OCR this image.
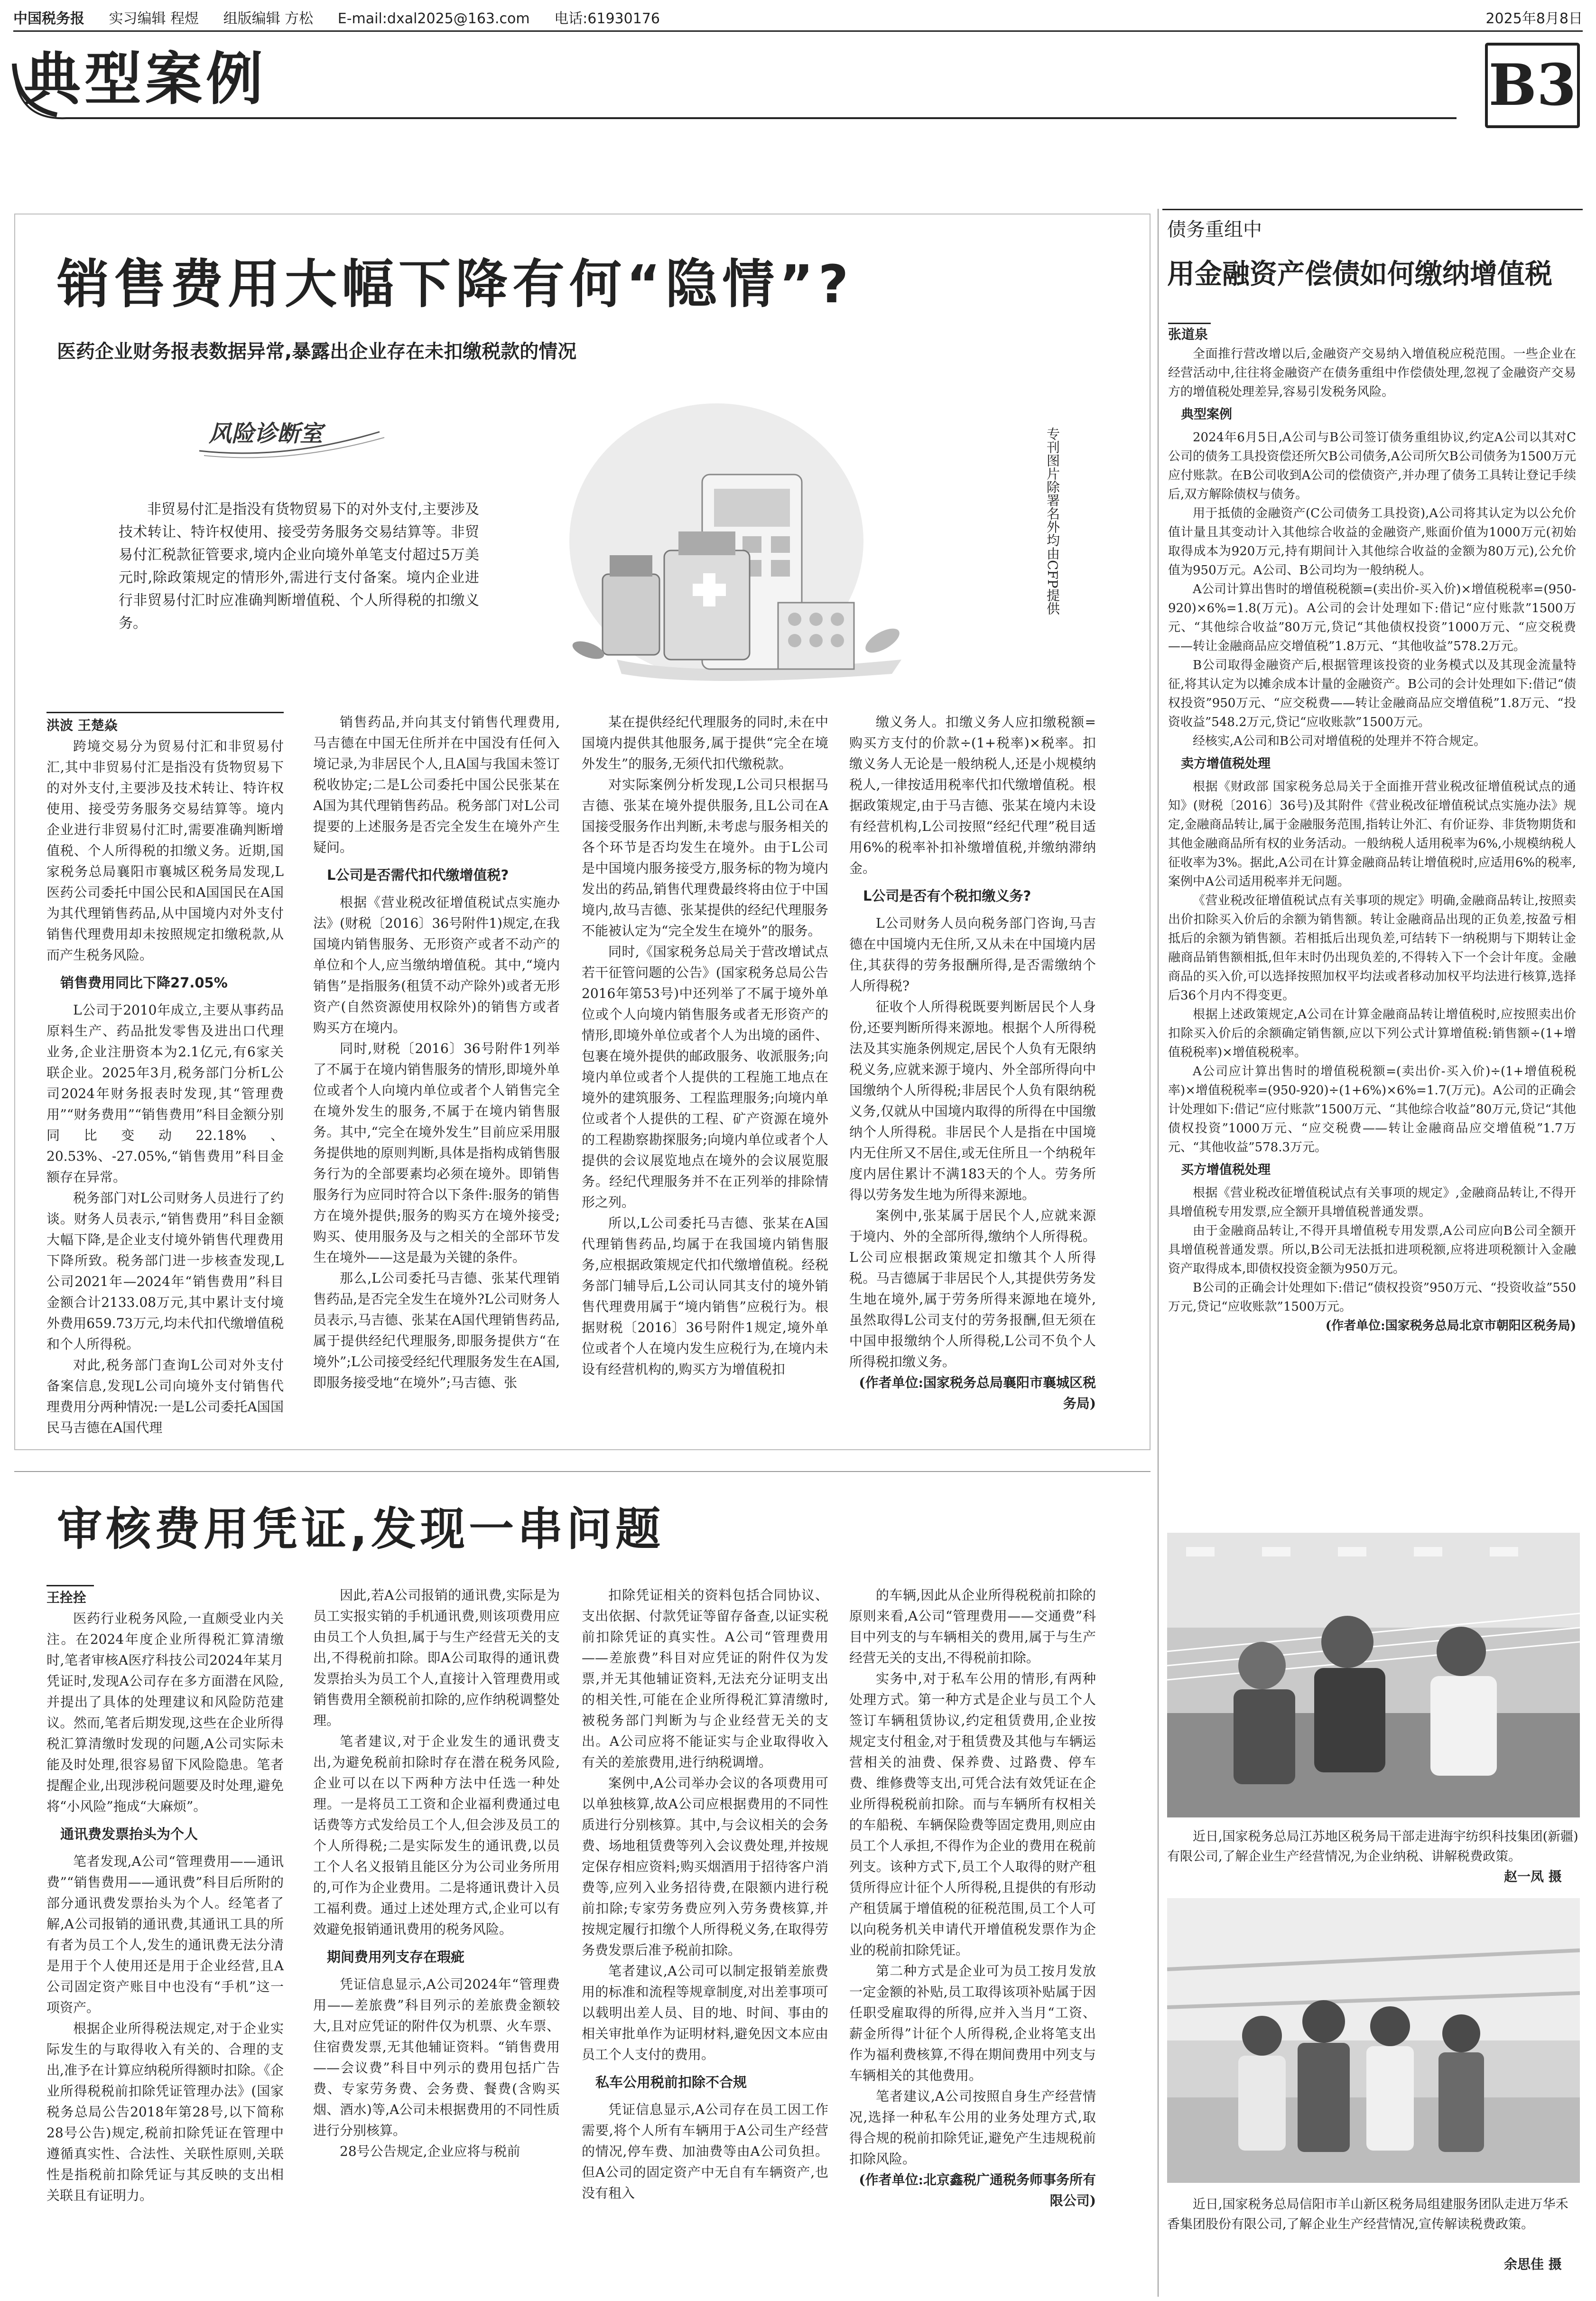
中国税务报 实习编辑 程煜 组版编辑 方松 E-mail:dxal2025@163.com 电话:61930176	2025年8月8日
典型案例	B3
销售费用大幅下降有何“隐情”?
医药企业财务报表数据异常,暴露出企业存在未扣缴税款的情况
风险诊断室
非贸易付汇是指没有货物贸易下的对外支付,主要涉及技术转让、特许权使用、接受劳务服务交易结算等。非贸易付汇税款征管要求,境内企业向境外单笔支付超过5万美元时,除政策规定的情形外,需进行支付备案。境内企业进行非贸易付汇时应准确判断增值税、个人所得税的扣缴义务。
专刊图片除署名外均由CFP提供
洪波 王楚焱

跨境交易分为贸易付汇和非贸易付汇,其中非贸易付汇是指没有货物贸易下的对外支付,主要涉及技术转让、特许权使用、接受劳务服务交易结算等。境内企业进行非贸易付汇时,需要准确判断增值税、个人所得税的扣缴义务。近期,国家税务总局襄阳市襄城区税务局发现,L医药公司委托中国公民和A国国民在A国为其代理销售药品,从中国境内对外支付销售代理费用却未按照规定扣缴税款,从而产生税务风险。

销售费用同比下降27.05%

L公司于2010年成立,主要从事药品原料生产、药品批发零售及进出口代理业务,企业注册资本为2.1亿元,有6家关联企业。2025年3月,税务部门分析L公司2024年财务报表时发现,其“管理费用”“财务费用”“销售费用”科目金额分别同比变动22.18%、20.53%、-27.05%,“销售费用”科目金额存在异常。

税务部门对L公司财务人员进行了约谈。财务人员表示,“销售费用”科目金额大幅下降,是企业支付境外销售代理费用下降所致。税务部门进一步核查发现,L公司2021年—2024年“销售费用”科目金额合计2133.08万元,其中累计支付境外费用659.73万元,均未代扣代缴增值税和个人所得税。

对此,税务部门查询L公司对外支付备案信息,发现L公司向境外支付销售代理费用分两种情况:一是L公司委托A国国民马吉德在A国代理

销售药品,并向其支付销售代理费用,马吉德在中国无住所并在中国没有任何入境记录,为非居民个人,且A国与我国未签订税收协定;二是L公司委托中国公民张某在A国为其代理销售药品。税务部门对L公司提要的上述服务是否完全发生在境外产生疑问。

L公司是否需代扣代缴增值税?

根据《营业税改征增值税试点实施办法》(财税〔2016〕36号附件1)规定,在我国境内销售服务、无形资产或者不动产的单位和个人,应当缴纳增值税。其中,“境内销售”是指服务(租赁不动产除外)或者无形资产(自然资源使用权除外)的销售方或者购买方在境内。

同时,财税〔2016〕36号附件1列举了不属于在境内销售服务的情形,即境外单位或者个人向境内单位或者个人销售完全在境外发生的服务,不属于在境内销售服务。其中,“完全在境外发生”目前应采用服务提供地的原则判断,具体是指构成销售服务行为的全部要素均必须在境外。即销售服务行为应同时符合以下条件:服务的销售方在境外提供;服务的购买方在境外接受;购买、使用服务及与之相关的全部环节发生在境外——这是最为关键的条件。

那么,L公司委托马吉德、张某代理销售药品,是否完全发生在境外?L公司财务人员表示,马吉德、张某在A国代理销售药品,属于提供经纪代理服务,即服务提供方“在境外”;L公司接受经纪代理服务发生在A国,即服务接受地“在境外”;马吉德、张

某在提供经纪代理服务的同时,未在中国境内提供其他服务,属于提供“完全在境外发生”的服务,无须代扣代缴税款。

对实际案例分析发现,L公司只根据马吉德、张某在境外提供服务,且L公司在A国接受服务作出判断,未考虑与服务相关的各个环节是否均发生在境外。由于L公司是中国境内服务接受方,服务标的物为境内发出的药品,销售代理费最终将由位于中国境内,故马吉德、张某提供的经纪代理服务不能被认定为“完全发生在境外”的服务。

同时,《国家税务总局关于营改增试点若干征管问题的公告》(国家税务总局公告2016年第53号)中还列举了不属于境外单位或个人向境内销售服务或者无形资产的情形,即境外单位或者个人为出境的函件、包裹在境外提供的邮政服务、收派服务;向境内单位或者个人提供的工程施工地点在境外的建筑服务、工程监理服务;向境内单位或者个人提供的工程、矿产资源在境外的工程勘察勘探服务;向境内单位或者个人提供的会议展览地点在境外的会议展览服务。经纪代理服务并不在正列举的排除情形之列。

所以,L公司委托马吉德、张某在A国代理销售药品,均属于在我国境内销售服务,应根据政策规定代扣代缴增值税。经税务部门辅导后,L公司认同其支付的境外销售代理费用属于“境内销售”应税行为。根据财税〔2016〕36号附件1规定,境外单位或者个人在境内发生应税行为,在境内未设有经营机构的,购买方为增值税扣

缴义务人。扣缴义务人应扣缴税额=购买方支付的价款÷(1+税率)×税率。扣缴义务人无论是一般纳税人,还是小规模纳税人,一律按适用税率代扣代缴增值税。根据政策规定,由于马吉德、张某在境内未设有经营机构,L公司按照“经纪代理”税目适用6%的税率补扣补缴增值税,并缴纳滞纳金。

L公司是否有个税扣缴义务?

L公司财务人员向税务部门咨询,马吉德在中国境内无住所,又从未在中国境内居住,其获得的劳务报酬所得,是否需缴纳个人所得税?

征收个人所得税既要判断居民个人身份,还要判断所得来源地。根据个人所得税法及其实施条例规定,居民个人负有无限纳税义务,应就来源于境内、外全部所得向中国缴纳个人所得税;非居民个人负有限纳税义务,仅就从中国境内取得的所得在中国缴纳个人所得税。非居民个人是指在中国境内无住所又不居住,或无住所且一个纳税年度内居住累计不满183天的个人。劳务所得以劳务发生地为所得来源地。

案例中,张某属于居民个人,应就来源于境内、外的全部所得,缴纳个人所得税。L公司应根据政策规定扣缴其个人所得税。马吉德属于非居民个人,其提供劳务发生地在境外,属于劳务所得来源地在境外,虽然取得L公司支付的劳务报酬,但无须在中国申报缴纳个人所得税,L公司不负个人所得税扣缴义务。

(作者单位:国家税务总局襄阳市襄城区税务局)
债务重组中
用金融资产偿债如何缴纳增值税
张道泉

全面推行营改增以后,金融资产交易纳入增值税应税范围。一些企业在经营活动中,往往将金融资产在债务重组中作偿债处理,忽视了金融资产交易方的增值税处理差异,容易引发税务风险。

典型案例

2024年6月5日,A公司与B公司签订债务重组协议,约定A公司以其对C公司的债务工具投资偿还所欠B公司债务,A公司所欠B公司债务为1500万元应付账款。在B公司收到A公司的偿债资产,并办理了债务工具转让登记手续后,双方解除债权与债务。

用于抵债的金融资产(C公司债务工具投资),A公司将其认定为以公允价值计量且其变动计入其他综合收益的金融资产,账面价值为1000万元(初始取得成本为920万元,持有期间计入其他综合收益的金额为80万元),公允价值为950万元。A公司、B公司均为一般纳税人。

A公司计算出售时的增值税税额=(卖出价-买入价)×增值税税率=(950-920)×6%=1.8(万元)。A公司的会计处理如下:借记“应付账款”1500万元、“其他综合收益”80万元,贷记“其他债权投资”1000万元、“应交税费——转让金融商品应交增值税”1.8万元、“其他收益”578.2万元。

B公司取得金融资产后,根据管理该投资的业务模式以及其现金流量特征,将其认定为以摊余成本计量的金融资产。B公司的会计处理如下:借记“债权投资”950万元、“应交税费——转让金融商品应交增值税”1.8万元、“投资收益”548.2万元,贷记“应收账款”1500万元。

经核实,A公司和B公司对增值税的处理并不符合规定。

卖方增值税处理

根据《财政部 国家税务总局关于全面推开营业税改征增值税试点的通知》(财税〔2016〕36号)及其附件《营业税改征增值税试点实施办法》规定,金融商品转让,属于金融服务范围,指转让外汇、有价证券、非货物期货和其他金融商品所有权的业务活动。一般纳税人适用税率为6%,小规模纳税人征收率为3%。据此,A公司在计算金融商品转让增值税时,应适用6%的税率,案例中A公司适用税率并无问题。

《营业税改征增值税试点有关事项的规定》明确,金融商品转让,按照卖出价扣除买入价后的余额为销售额。转让金融商品出现的正负差,按盈亏相抵后的余额为销售额。若相抵后出现负差,可结转下一纳税期与下期转让金融商品销售额相抵,但年末时仍出现负差的,不得转入下一个会计年度。金融商品的买入价,可以选择按照加权平均法或者移动加权平均法进行核算,选择后36个月内不得变更。

根据上述政策规定,A公司在计算金融商品转让增值税时,应按照卖出价扣除买入价后的余额确定销售额,应以下列公式计算增值税:销售额÷(1+增值税税率)×增值税税率。

A公司应计算出售时的增值税税额=(卖出价-买入价)÷(1+增值税税率)×增值税税率=(950-920)÷(1+6%)×6%=1.7(万元)。A公司的正确会计处理如下:借记“应付账款”1500万元、“其他综合收益”80万元,贷记“其他债权投资”1000万元、“应交税费——转让金融商品应交增值税”1.7万元、“其他收益”578.3万元。

买方增值税处理

根据《营业税改征增值税试点有关事项的规定》,金融商品转让,不得开具增值税专用发票,应全额开具增值税普通发票。

由于金融商品转让,不得开具增值税专用发票,A公司应向B公司全额开具增值税普通发票。所以,B公司无法抵扣进项税额,应将进项税额计入金融资产取得成本,即债权投资金额为950万元。

B公司的正确会计处理如下:借记“债权投资”950万元、“投资收益”550万元,贷记“应收账款”1500万元。

(作者单位:国家税务总局北京市朝阳区税务局)
审核费用凭证,发现一串问题
王拴拴

医药行业税务风险,一直颇受业内关注。在2024年度企业所得税汇算清缴时,笔者审核A医疗科技公司2024年某月凭证时,发现A公司存在多方面潜在风险,并提出了具体的处理建议和风险防范建议。然而,笔者后期发现,这些在企业所得税汇算清缴时发现的问题,A公司实际未能及时处理,很容易留下风险隐患。笔者提醒企业,出现涉税问题要及时处理,避免将“小风险”拖成“大麻烦”。

通讯费发票抬头为个人

笔者发现,A公司“管理费用——通讯费”“销售费用——通讯费”科目后所附的部分通讯费发票抬头为个人。经笔者了解,A公司报销的通讯费,其通讯工具的所有者为员工个人,发生的通讯费无法分清是用于个人使用还是用于企业经营,且A公司固定资产账目中也没有“手机”这一项资产。

根据企业所得税法规定,对于企业实际发生的与取得收入有关的、合理的支出,准予在计算应纳税所得额时扣除。《企业所得税税前扣除凭证管理办法》(国家税务总局公告2018年第28号,以下简称28号公告)规定,税前扣除凭证在管理中遵循真实性、合法性、关联性原则,关联性是指税前扣除凭证与其反映的支出相关联且有证明力。

因此,若A公司报销的通讯费,实际是为员工实报实销的手机通讯费,则该项费用应由员工个人负担,属于与生产经营无关的支出,不得税前扣除。即A公司取得的通讯费发票抬头为员工个人,直接计入管理费用或销售费用全额税前扣除的,应作纳税调整处理。

笔者建议,对于企业发生的通讯费支出,为避免税前扣除时存在潜在税务风险,企业可以在以下两种方法中任选一种处理。一是将员工工资和企业福利费通过电话费等方式发给员工个人,但会涉及员工的个人所得税;二是实际发生的通讯费,以员工个人名义报销且能区分为公司业务所用的,可作为企业费用。二是将通讯费计入员工福利费。通过上述处理方式,企业可以有效避免报销通讯费用的税务风险。

期间费用列支存在瑕疵

凭证信息显示,A公司2024年“管理费用——差旅费”科目列示的差旅费金额较大,且对应凭证的附件仅为机票、火车票、住宿费发票,无其他辅证资料。“销售费用——会议费”科目中列示的费用包括广告费、专家劳务费、会务费、餐费(含购买烟、酒水)等,A公司未根据费用的不同性质进行分别核算。

28号公告规定,企业应将与税前

扣除凭证相关的资料包括合同协议、支出依据、付款凭证等留存备查,以证实税前扣除凭证的真实性。A公司“管理费用——差旅费”科目对应凭证的附件仅为发票,并无其他辅证资料,无法充分证明支出的相关性,可能在企业所得税汇算清缴时,被税务部门判断为与企业经营无关的支出。A公司应将不能证实与企业取得收入有关的差旅费用,进行纳税调增。

案例中,A公司举办会议的各项费用可以单独核算,故A公司应根据费用的不同性质进行分别核算。其中,与会议相关的会务费、场地租赁费等列入会议费处理,并按规定保存相应资料;购买烟酒用于招待客户消费等,应列入业务招待费,在限额内进行税前扣除;专家劳务费应列入劳务费核算,并按规定履行扣缴个人所得税义务,在取得劳务费发票后准予税前扣除。

笔者建议,A公司可以制定报销差旅费用的标准和流程等规章制度,对出差事项可以载明出差人员、目的地、时间、事由的相关审批单作为证明材料,避免因文本应由员工个人支付的费用。

私车公用税前扣除不合规

凭证信息显示,A公司存在员工因工作需要,将个人所有车辆用于A公司生产经营的情况,停车费、加油费等由A公司负担。但A公司的固定资产中无自有车辆资产,也没有租入

的车辆,因此从企业所得税税前扣除的原则来看,A公司“管理费用——交通费”科目中列支的与车辆相关的费用,属于与生产经营无关的支出,不得税前扣除。

实务中,对于私车公用的情形,有两种处理方式。第一种方式是企业与员工个人签订车辆租赁协议,约定租赁费用,企业按规定支付租金,对于租赁费及其他与车辆运营相关的油费、保养费、过路费、停车费、维修费等支出,可凭合法有效凭证在企业所得税税前扣除。而与车辆所有权相关的车船税、车辆保险费等固定费用,则应由员工个人承担,不得作为企业的费用在税前列支。该种方式下,员工个人取得的财产租赁所得应计征个人所得税,且提供的有形动产租赁属于增值税的征税范围,员工个人可以向税务机关申请代开增值税发票作为企业的税前扣除凭证。

第二种方式是企业可为员工按月发放一定金额的补贴,员工取得该项补贴属于因任职受雇取得的所得,应并入当月“工资、薪金所得”计征个人所得税,企业将笔支出作为福利费核算,不得在期间费用中列支与车辆相关的其他费用。

笔者建议,A公司按照自身生产经营情况,选择一种私车公用的业务处理方式,取得合规的税前扣除凭证,避免产生违规税前扣除风险。

(作者单位:北京鑫税广通税务师事务所有限公司)
近日,国家税务总局江苏地区税务局干部走进海宇纺织科技集团(新疆)有限公司,了解企业生产经营情况,为企业纳税、讲解税费政策。
赵一凤 摄
近日,国家税务总局信阳市羊山新区税务局组建服务团队走进万华禾香集团股份有限公司,了解企业生产经营情况,宣传解读税费政策。
余思佳 摄
